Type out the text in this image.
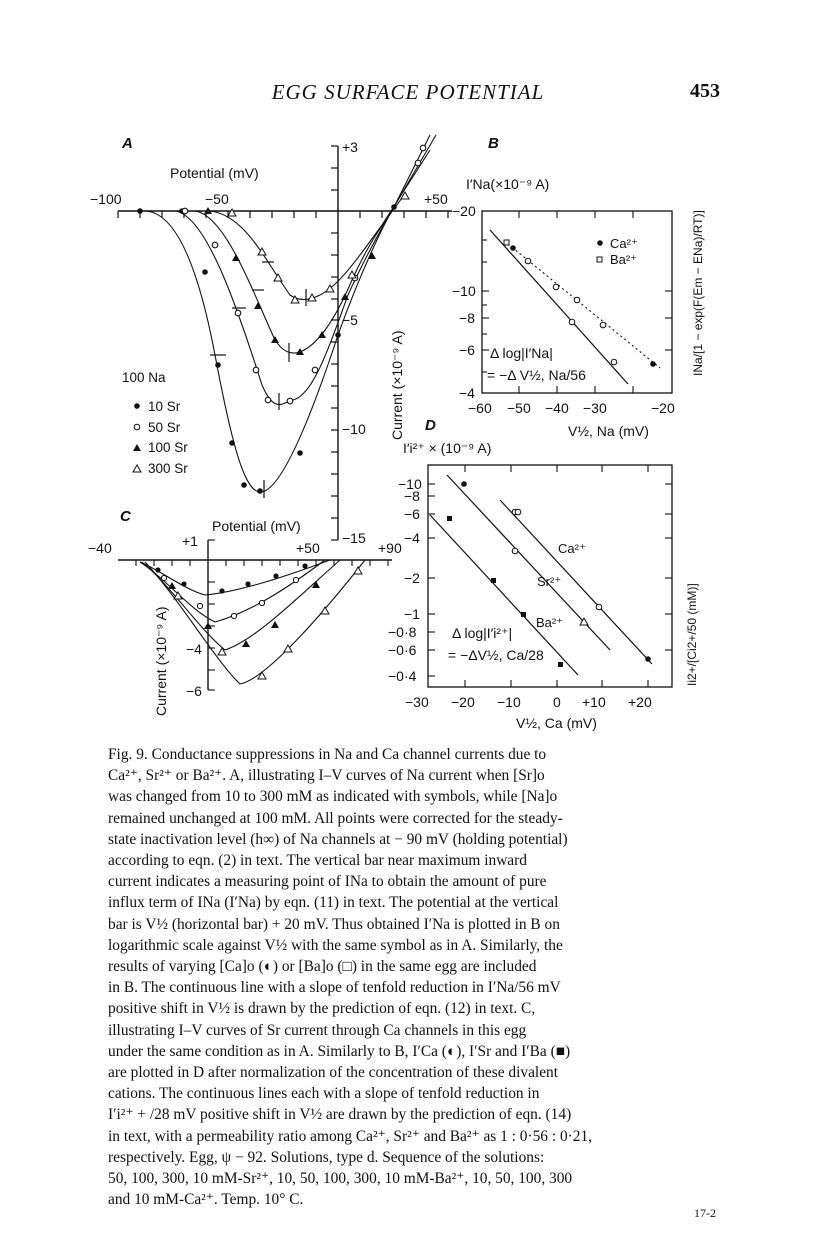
EGG SURFACE POTENTIAL	453
A
Potential (mV)
−100	−50	+50
+3
−5
−10
−15
Current (×10⁻⁹ A)
100 Na
10 Sr
50 Sr
100 Sr
300 Sr
B
I′Na(×10⁻⁹ A)
−20
−10
−8
−6
−4
−60 −50 −40 −30	−20
V½, Na (mV)
INa/[1 − exp(F(Em − ENa)/RT)]
Ca²⁺
Ba²⁺
Δ log|I′Na|
= −Δ V½, Na/56
C
Potential (mV)
−40	+50	+90
+1
−4
−6
Current (×10⁻⁹ A)
D
I′i²⁺ × (10⁻⁹ A)
−10
−8
−6
−4
−2
−1
−0·8
−0·6
−0·4
−30 −20 −10 0 +10 +20
V½, Ca (mV)
Ii2+/[Ci2+/50 (mM)]
Ca²⁺
Sr²⁺
Ba²⁺
Δ log|I′i²⁺|
= −ΔV½, Ca/28
Fig. 9. Conductance suppressions in Na and Ca channel currents due to
Ca²⁺, Sr²⁺ or Ba²⁺. A, illustrating I–V curves of Na current when [Sr]o
was changed from 10 to 300 mM as indicated with symbols, while [Na]o
remained unchanged at 100 mM. All points were corrected for the steady-
state inactivation level (h∞) of Na channels at − 90 mV (holding potential)
according to eqn. (2) in text. The vertical bar near maximum inward
current indicates a measuring point of INa to obtain the amount of pure
influx term of INa (I′Na) by eqn. (11) in text. The potential at the vertical
bar is V½ (horizontal bar) + 20 mV. Thus obtained I′Na is plotted in B on
logarithmic scale against V½ with the same symbol as in A. Similarly, the
results of varying [Ca]o (◐) or [Ba]o (□) in the same egg are included
in B. The continuous line with a slope of tenfold reduction in I′Na/56 mV
positive shift in V½ is drawn by the prediction of eqn. (12) in text. C,
illustrating I–V curves of Sr current through Ca channels in this egg
under the same condition as in A. Similarly to B, I′Ca (◐), I′Sr and I′Ba (■)
are plotted in D after normalization of the concentration of these divalent
cations. The continuous lines each with a slope of tenfold reduction in
I′i²⁺ + /28 mV positive shift in V½ are drawn by the prediction of eqn. (14)
in text, with a permeability ratio among Ca²⁺, Sr²⁺ and Ba²⁺ as 1 : 0·56 : 0·21,
respectively. Egg, ψ − 92. Solutions, type d. Sequence of the solutions:
50, 100, 300, 10 mM-Sr²⁺, 10, 50, 100, 300, 10 mM-Ba²⁺, 10, 50, 100, 300
and 10 mM-Ca²⁺. Temp. 10° C.
17-2
